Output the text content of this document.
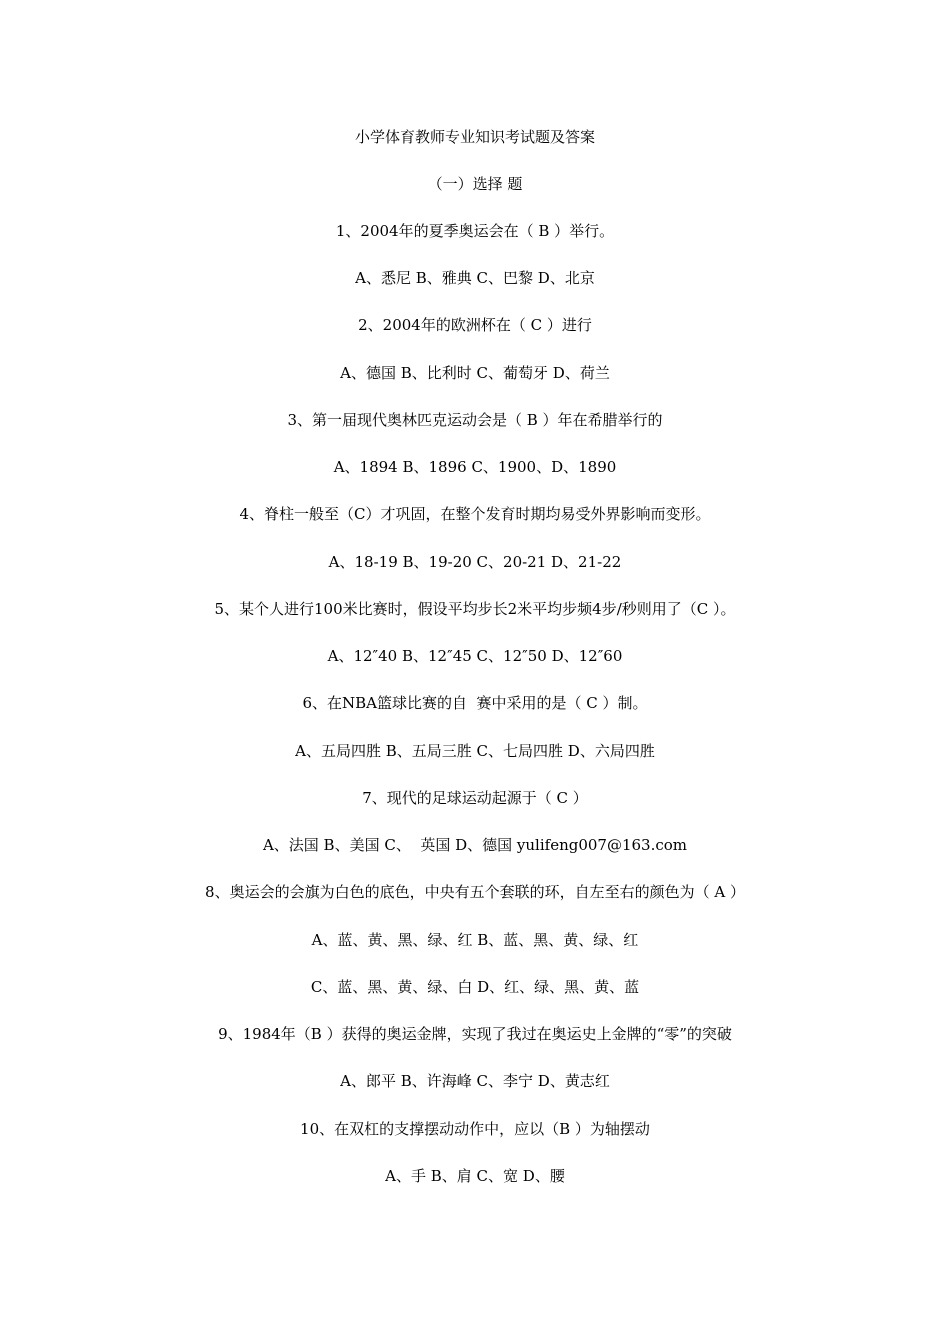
小学体育教师专业知识考试题及答案
（一）选择 题
1、2004年的夏季奥运会在（ B ）举行。
A、悉尼 B、雅典 C、巴黎 D、北京
2、2004年的欧洲杯在（ C ）进行
A、德国 B、比利时 C、葡萄牙 D、荷兰
3、第一届现代奥林匹克运动会是（ B ）年在希腊举行的
A、1894 B、1896 C、1900、D、1890
4、脊柱一般至（C）才巩固，在整个发育时期均易受外界影响而变形。
A、18-19 B、19-20 C、20-21 D、21-22
5、某个人进行100米比赛时，假设平均步长2米平均步频4步/秒则用了（C ）。
A、12″40 B、12″45 C、12″50 D、12″60
6、在NBA篮球比赛的自  赛中采用的是（ C ）制。
A、五局四胜 B、五局三胜 C、七局四胜 D、六局四胜
7、现代的足球运动起源于（ C ）
A、法国 B、美国 C、  英国 D、德国 yulifeng007@163.com
8、奥运会的会旗为白色的底色，中央有五个套联的环，自左至右的颜色为（ A ）
A、蓝、黄、黑、绿、红 B、蓝、黑、黄、绿、红
C、蓝、黑、黄、绿、白 D、红、绿、黑、黄、蓝
9、1984年（B ）获得的奥运金牌，实现了我过在奥运史上金牌的“零”的突破
A、郎平 B、许海峰 C、李宁 D、黄志红
10、在双杠的支撑摆动动作中，应以（B ）为轴摆动
A、手 B、肩 C、宽 D、腰
